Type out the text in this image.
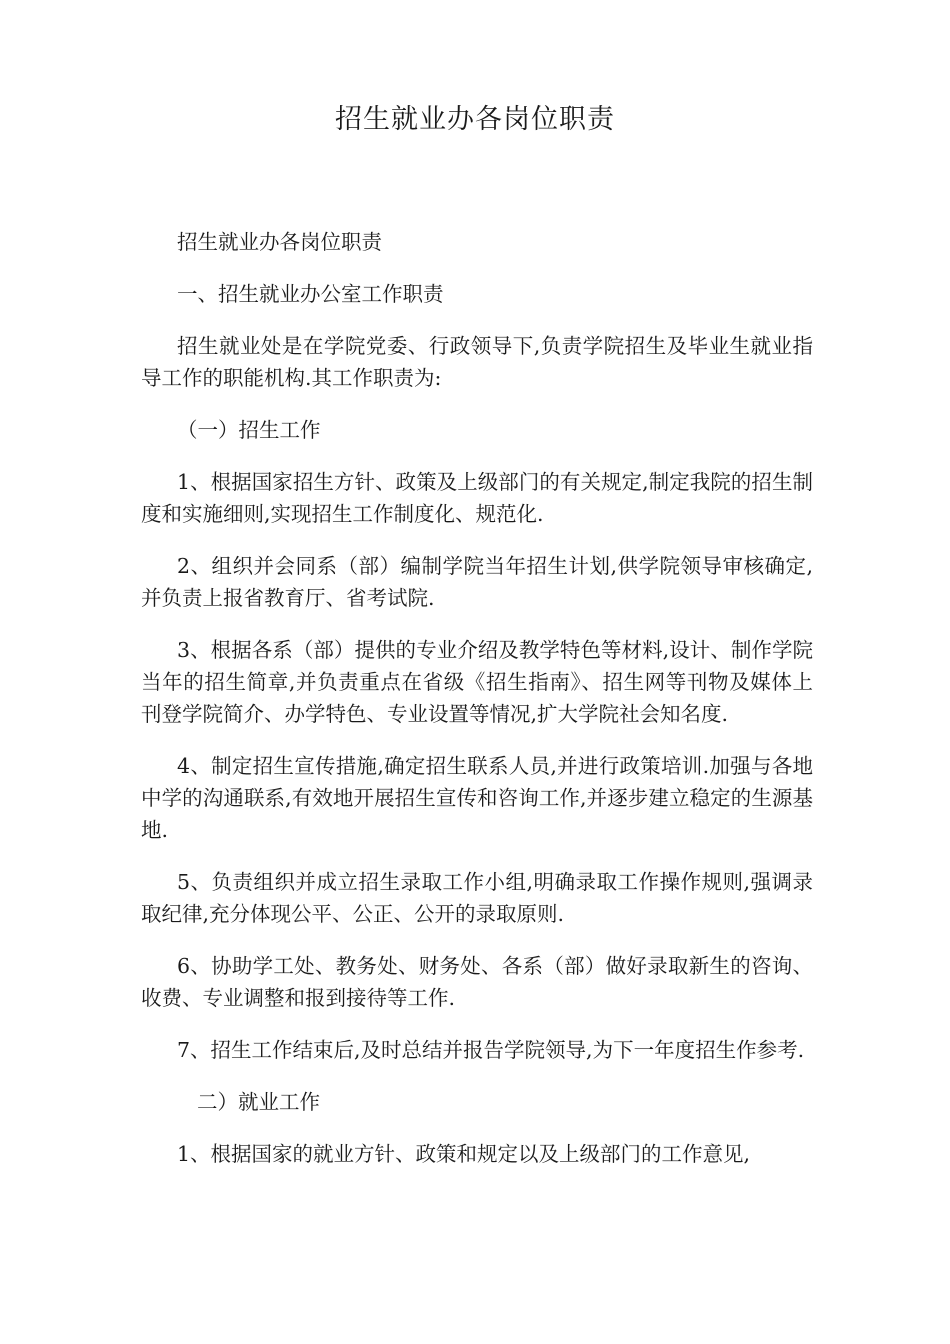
招生就业办各岗位职责

招生就业办各岗位职责

一、招生就业办公室工作职责

招生就业处是在学院党委、行政领导下,负责学院招生及毕业生就业指导工作的职能机构.其工作职责为:

（一）招生工作

1、根据国家招生方针、政策及上级部门的有关规定,制定我院的招生制度和实施细则,实现招生工作制度化、规范化.

2、组织并会同系（部）编制学院当年招生计划,供学院领导审核确定,并负责上报省教育厅、省考试院.

3、根据各系（部）提供的专业介绍及教学特色等材料,设计、制作学院当年的招生简章,并负责重点在省级《招生指南》、招生网等刊物及媒体上刊登学院简介、办学特色、专业设置等情况,扩大学院社会知名度.

4、制定招生宣传措施,确定招生联系人员,并进行政策培训.加强与各地中学的沟通联系,有效地开展招生宣传和咨询工作,并逐步建立稳定的生源基地.

5、负责组织并成立招生录取工作小组,明确录取工作操作规则,强调录取纪律,充分体现公平、公正、公开的录取原则.

6、协助学工处、教务处、财务处、各系（部）做好录取新生的咨询、收费、专业调整和报到接待等工作.

7、招生工作结束后,及时总结并报告学院领导,为下一年度招生作参考.

二）就业工作

1、根据国家的就业方针、政策和规定以及上级部门的工作意见,
